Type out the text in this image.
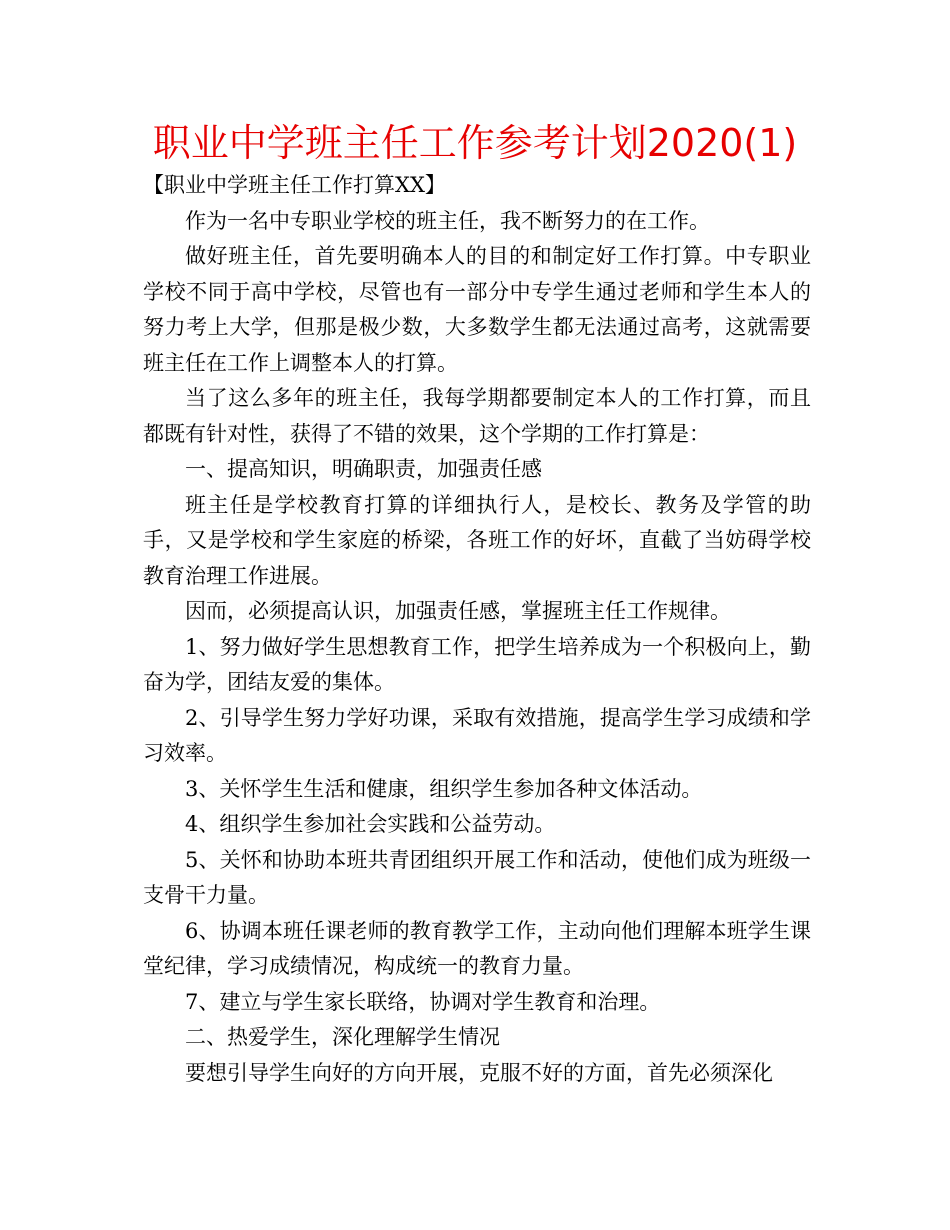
职业中学班主任工作参考计划2020(1)

【职业中学班主任工作打算XX】

作为一名中专职业学校的班主任，我不断努力的在工作。

做好班主任，首先要明确本人的目的和制定好工作打算。中专职业学校不同于高中学校，尽管也有一部分中专学生通过老师和学生本人的努力考上大学，但那是极少数，大多数学生都无法通过高考，这就需要班主任在工作上调整本人的打算。

当了这么多年的班主任，我每学期都要制定本人的工作打算，而且都既有针对性，获得了不错的效果，这个学期的工作打算是：

一、提高知识，明确职责，加强责任感

班主任是学校教育打算的详细执行人，是校长、教务及学管的助手，又是学校和学生家庭的桥梁，各班工作的好坏，直截了当妨碍学校教育治理工作进展。

因而，必须提高认识，加强责任感，掌握班主任工作规律。

1、努力做好学生思想教育工作，把学生培养成为一个积极向上，勤奋为学，团结友爱的集体。

2、引导学生努力学好功课，采取有效措施，提高学生学习成绩和学习效率。

3、关怀学生生活和健康，组织学生参加各种文体活动。

4、组织学生参加社会实践和公益劳动。

5、关怀和协助本班共青团组织开展工作和活动，使他们成为班级一支骨干力量。

6、协调本班任课老师的教育教学工作，主动向他们理解本班学生课堂纪律，学习成绩情况，构成统一的教育力量。

7、建立与学生家长联络，协调对学生教育和治理。

二、热爱学生，深化理解学生情况

要想引导学生向好的方向开展，克服不好的方面，首先必须深化
